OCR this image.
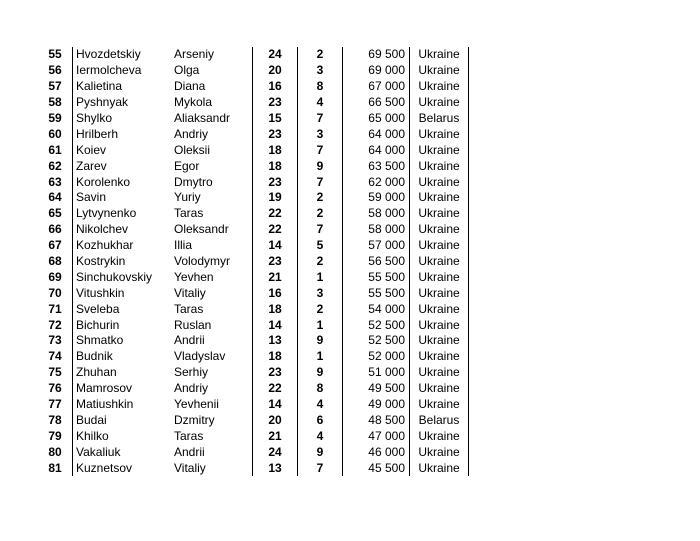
55	Hvozdetskiy	Arseniy	24	2	69 500	Ukraine
56	Iermolcheva	Olga	20	3	69 000	Ukraine
57	Kalietina	Diana	16	8	67 000	Ukraine
58	Pyshnyak	Mykola	23	4	66 500	Ukraine
59	Shylko	Aliaksandr	15	7	65 000	Belarus
60	Hrilberh	Andriy	23	3	64 000	Ukraine
61	Koiev	Oleksii	18	7	64 000	Ukraine
62	Zarev	Egor	18	9	63 500	Ukraine
63	Korolenko	Dmytro	23	7	62 000	Ukraine
64	Savin	Yuriy	19	2	59 000	Ukraine
65	Lytvynenko	Taras	22	2	58 000	Ukraine
66	Nikolchev	Oleksandr	22	7	58 000	Ukraine
67	Kozhukhar	Illia	14	5	57 000	Ukraine
68	Kostrykin	Volodymyr	23	2	56 500	Ukraine
69	Sinchukovskiy	Yevhen	21	1	55 500	Ukraine
70	Vitushkin	Vitaliy	16	3	55 500	Ukraine
71	Sveleba	Taras	18	2	54 000	Ukraine
72	Bichurin	Ruslan	14	1	52 500	Ukraine
73	Shmatko	Andrii	13	9	52 500	Ukraine
74	Budnik	Vladyslav	18	1	52 000	Ukraine
75	Zhuhan	Serhiy	23	9	51 000	Ukraine
76	Mamrosov	Andriy	22	8	49 500	Ukraine
77	Matiushkin	Yevhenii	14	4	49 000	Ukraine
78	Budai	Dzmitry	20	6	48 500	Belarus
79	Khilko	Taras	21	4	47 000	Ukraine
80	Vakaliuk	Andrii	24	9	46 000	Ukraine
81	Kuznetsov	Vitaliy	13	7	45 500	Ukraine
